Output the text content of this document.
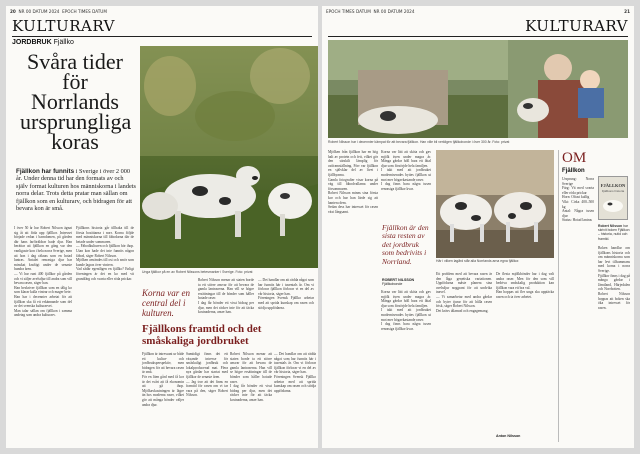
20 NR 00 DATUM 2024 EPOCH TIMES DATUM
KULTURARV
JORDBRUK Fjällko
Svåra tider för Norrlands ursprungliga koras
Fjällkon har funnits i Sverige i över 2 000 år. Under denna tid har den formats av och själv format kulturen hos människorna i landets norra delar. Trots detta pratar man sällan om fjällkon som en kulturarv, och bidragen för att bevara kon är små.
I över 50 år har Robert Nilsson ägnat sig åt att föda upp fjällkor. Intresset började redan i barndomen, på gården där hans farföräldrar hade djur. Han berättar att fjällkon en gång var den vanligaste kon i hela norra Sverige, men att hon i dag räknas som en hotad lantras. Antalet renrasiga djur har minskat kraftigt under de senaste hundra åren.
— Vi har runt 400 fjällkor på gården och vi säljer avelsdjur till andra som vill bevara rasen, säger han.
Han beskriver fjällkon som en tålig ko som klarar kalla vintrar och mager bete.
Han har i decennier arbetat för att fjällkon ska få ett erkännande som del av det svenska kulturarvet.
Man talar sällan om fjällkon i samma andetag som andra kulturarv.
Fjällkons historia går tillbaka till de första bosättarna i norr. Korna följde med människorna till fäbodarna där de betade under sommaren.
— Fäbodkulturen och fjällkon hör ihop. Utan kon hade det inte funnits någon fäbod, säger Robert Nilsson.
Mjölken användes till ost och smör som kunde lagras över vintern.
Vad sådär egentligen en fjällko? Enligt föreningen är det en ko med vit grundfärg och svarta eller röda prickar.
Unga fjällkor på en av Robert Nilssons betesmarker i Sverige. Foto: privat
Korna var en central del i kulturen.
Robert Nilsson menar att staten borde ta ett större ansvar för att bevara de gamla lantraserna. Han vill se högre ersättningar till de bönder som håller hotade raser.
I dag får bönder ett visst bidrag per djur, men det räcker inte för att täcka kostnaderna, anser han.
— Det handlar om att rädda något som har funnits här i tusentals år. Om vi förlorar fjällkon förlorar vi en del av vår historia, säger han.
Föreningen Svensk Fjällko arbetar med att sprida kunskap om rasen och stödja uppfödarna.
Fjällkons framtid och det småskaliga jordbruket
Fjällkon är intressant ur både ett kultur- och jordbruksperspektiv, men bidragen för att bevara rasen är små.
För en liten gård med få kor är det svårt att få ekonomin att gå ihop. Mjölkavkastningen är lägre än hos moderna raser, vilket gör att många bönder väljer andra djur.
Samtidigt finns det ett växande intresse för småskaligt jordbruk och lokalproducerad mat. Flera nya gårdar har startat med fjällkor de senaste åren.
— Jag tror att det finns en framtid för rasen om vi tar vara på den, säger Robert Nilsson.
Robert Nilsson menar att staten borde ta ett större ansvar för att bevara de gamla lantraserna. Han vill se högre ersättningar till de bönder som håller hotade raser.
I dag får bönder ett visst bidrag per djur, men det räcker inte för att täcka kostnaderna, anser han.
— Det handlar om att rädda något som har funnits här i tusentals år. Om vi förlorar fjällkon förlorar vi en del av vår historia, säger han.
Föreningen Svensk Fjällko arbetar med att sprida kunskap om rasen och stödja uppfödarna.
EPOCH TIMES DATUM NR 00 DATUM 2024	21
KULTURARV
Robert Nilsson har i decennier kämpat för att bevara fjällkon. Han ville bli verkligen fjällkobonde i över 300 år. Foto: privat
Här i vilken lagård står alla Norrlands arna egna fjällkor.
Mjölken från fjällkon har en hög halt av protein och fett, vilket gör den särskilt lämplig för ostframställning. Förr var fjällkon en självklar del av livet i fjällbyarna.
Gamla fotografier visar korna på väg till fäbodvallarna under försommaren.
Robert Nilsson minns sina första kor och hur han lärde sig att hantera dem.
Sedan dess har intresset för rasen växt långsamt.
Korna var lätt att sköta och gav mjölk även under magra år. Många gårdar höll bara ett fåtal djur som försörjde hela familjen.
I takt med att jordbruket moderniserades byttes fjällkon ut mot mer högavkastande raser.
I dag finns bara några tusen renrasiga fjällkor kvar.
Fjällkon är den sista resten av det jordbruk som bedrivits i Norrland.
ROBERT NILSSON
Fjällkobonde
Korna var lätt att sköta och gav mjölk även under magra år. Många gårdar höll bara ett fåtal djur som försörjde hela familjen.
I takt med att jordbruket moderniserades byttes fjällkon ut mot mer högavkastande raser.
I dag finns bara några tusen renrasiga fjällkor kvar.
Ett problem med att bevara rasen är den låga genetiska variationen. Uppfödarna måste planera sina avelsdjur noggrant för att undvika inavel.
— Vi samarbetar med andra gårdar och byter tjurar för att hålla rasen frisk, säger Robert Nilsson.
Det krävs tålamod och engagemang.
De flesta mjölkbönder har i dag valt andra raser. Men för den som vill bedriva småskalig produktion kan fjällkon vara ett bra val.
Han hoppas att fler unga ska upptäcka rasen och ta över arbetet.
Anton Nilsson
OM
Fjällkon
Ursprung: Norra Sverige
Färg: Vit med svarta eller röda prickar
Horn: Oftast kullig
Vikt: Cirka 400–500 kg
Antal: Några tusen djur
Status: Hotad lantras
FJÄLLKON
Fjällkons historia
Robert Nilsson har skrivit boken Fjällkon – historia, nutid och framtid.
Boken handlar om fjällkons historia och om människorna som har levt tillsammans med korna i norra Sverige.
Fjällkor finns i dag på många gårdar i Jämtland, Härjedalen och Norrbotten.
Robert Nilsson hoppas att boken ska öka intresset för rasen.
